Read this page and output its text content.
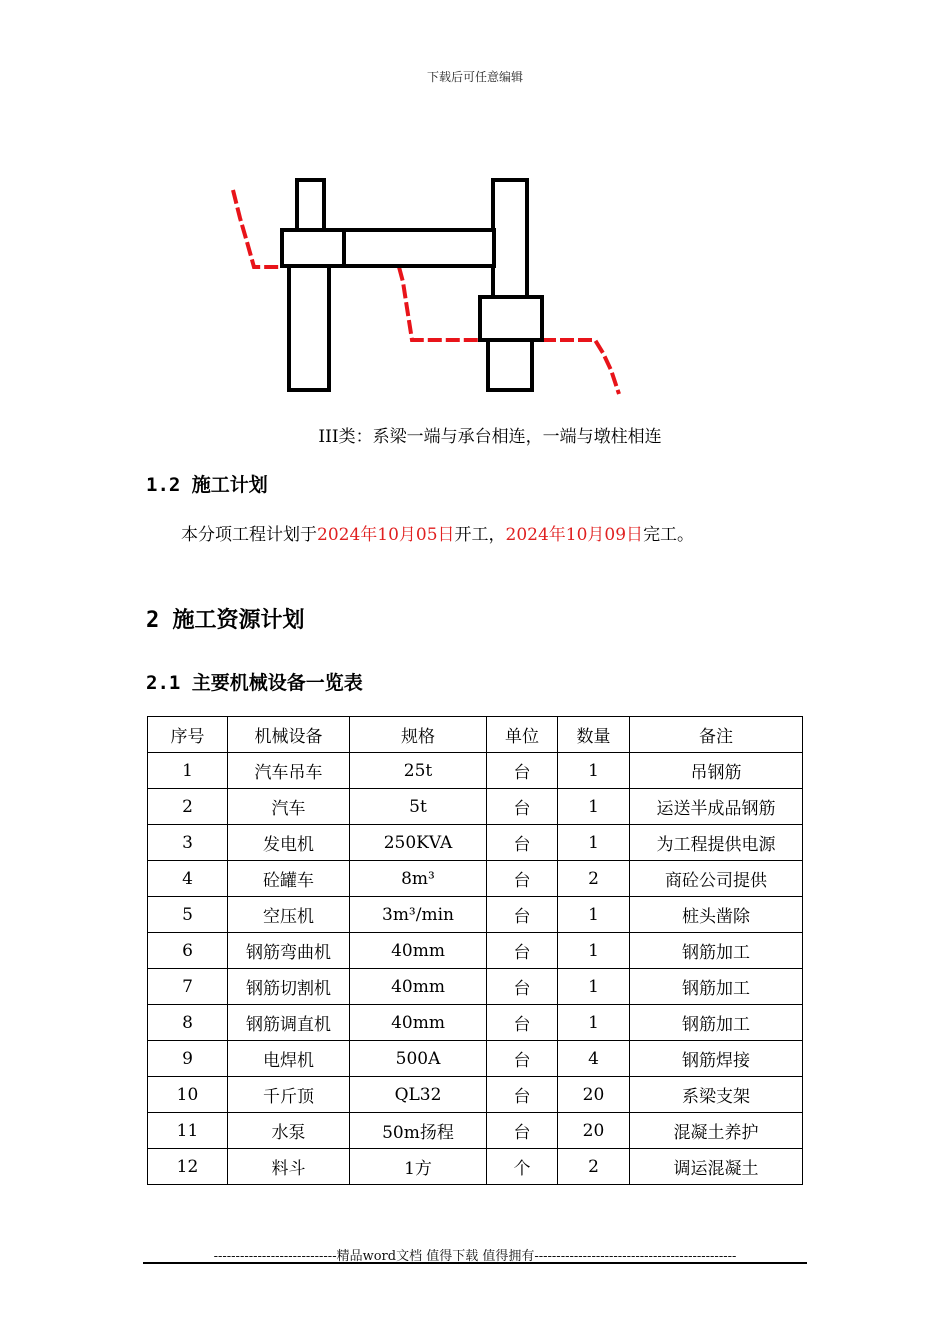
下载后可任意编辑
III类：系梁一端与承台相连，一端与墩柱相连
1.2 施工计划
本分项工程计划于2024年10月05日开工，2024年10月09日完工。
2 施工资源计划
2.1 主要机械设备一览表
序号	机械设备	规格	单位	数量	备注
1	汽车吊车	25t	台	1	吊钢筋
2	汽车	5t	台	1	运送半成品钢筋
3	发电机	250KVA	台	1	为工程提供电源
4	砼罐车	8m³	台	2	商砼公司提供
5	空压机	3m³/min	台	1	桩头凿除
6	钢筋弯曲机	40mm	台	1	钢筋加工
7	钢筋切割机	40mm	台	1	钢筋加工
8	钢筋调直机	40mm	台	1	钢筋加工
9	电焊机	500A	台	4	钢筋焊接
10	千斤顶	QL32	台	20	系梁支架
11	水泵	50m扬程	台	20	混凝土养护
12	料斗	1方	个	2	调运混凝土
----------------------------精品word文档 值得下载 值得拥有----------------------------------------------
